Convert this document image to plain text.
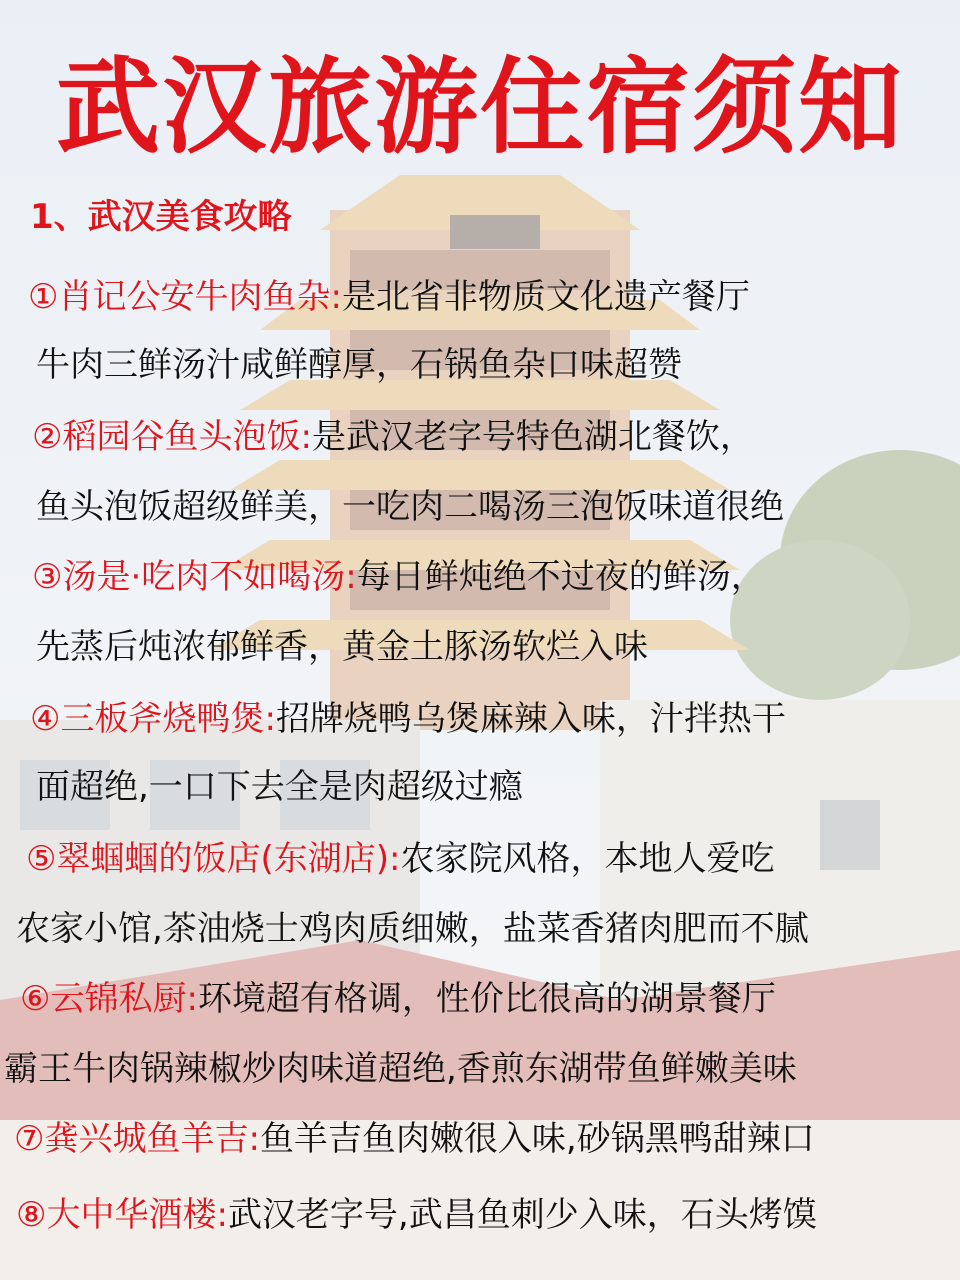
武汉旅游住宿须知
1、武汉美食攻略
①肖记公安牛肉鱼杂:是北省非物质文化遗产餐厅
牛肉三鲜汤汁咸鲜醇厚，石锅鱼杂口味超赞
②稻园谷鱼头泡饭:是武汉老字号特色湖北餐饮，
鱼头泡饭超级鲜美，一吃肉二喝汤三泡饭味道很绝
③汤是·吃肉不如喝汤:每日鲜炖绝不过夜的鲜汤，
先蒸后炖浓郁鲜香，黄金土豚汤软烂入味
④三板斧烧鸭煲:招牌烧鸭乌煲麻辣入味，汁拌热干
面超绝,一口下去全是肉超级过瘾
⑤翠蝈蝈的饭店(东湖店):农家院风格，本地人爱吃
农家小馆,茶油烧士鸡肉质细嫩，盐菜香猪肉肥而不腻
⑥云锦私厨:环境超有格调，性价比很高的湖景餐厅
霸王牛肉锅辣椒炒肉味道超绝,香煎东湖带鱼鲜嫩美味
⑦龚兴城鱼羊吉:鱼羊吉鱼肉嫩很入味,砂锅黑鸭甜辣口
⑧大中华酒楼:武汉老字号,武昌鱼刺少入味，石头烤馍
